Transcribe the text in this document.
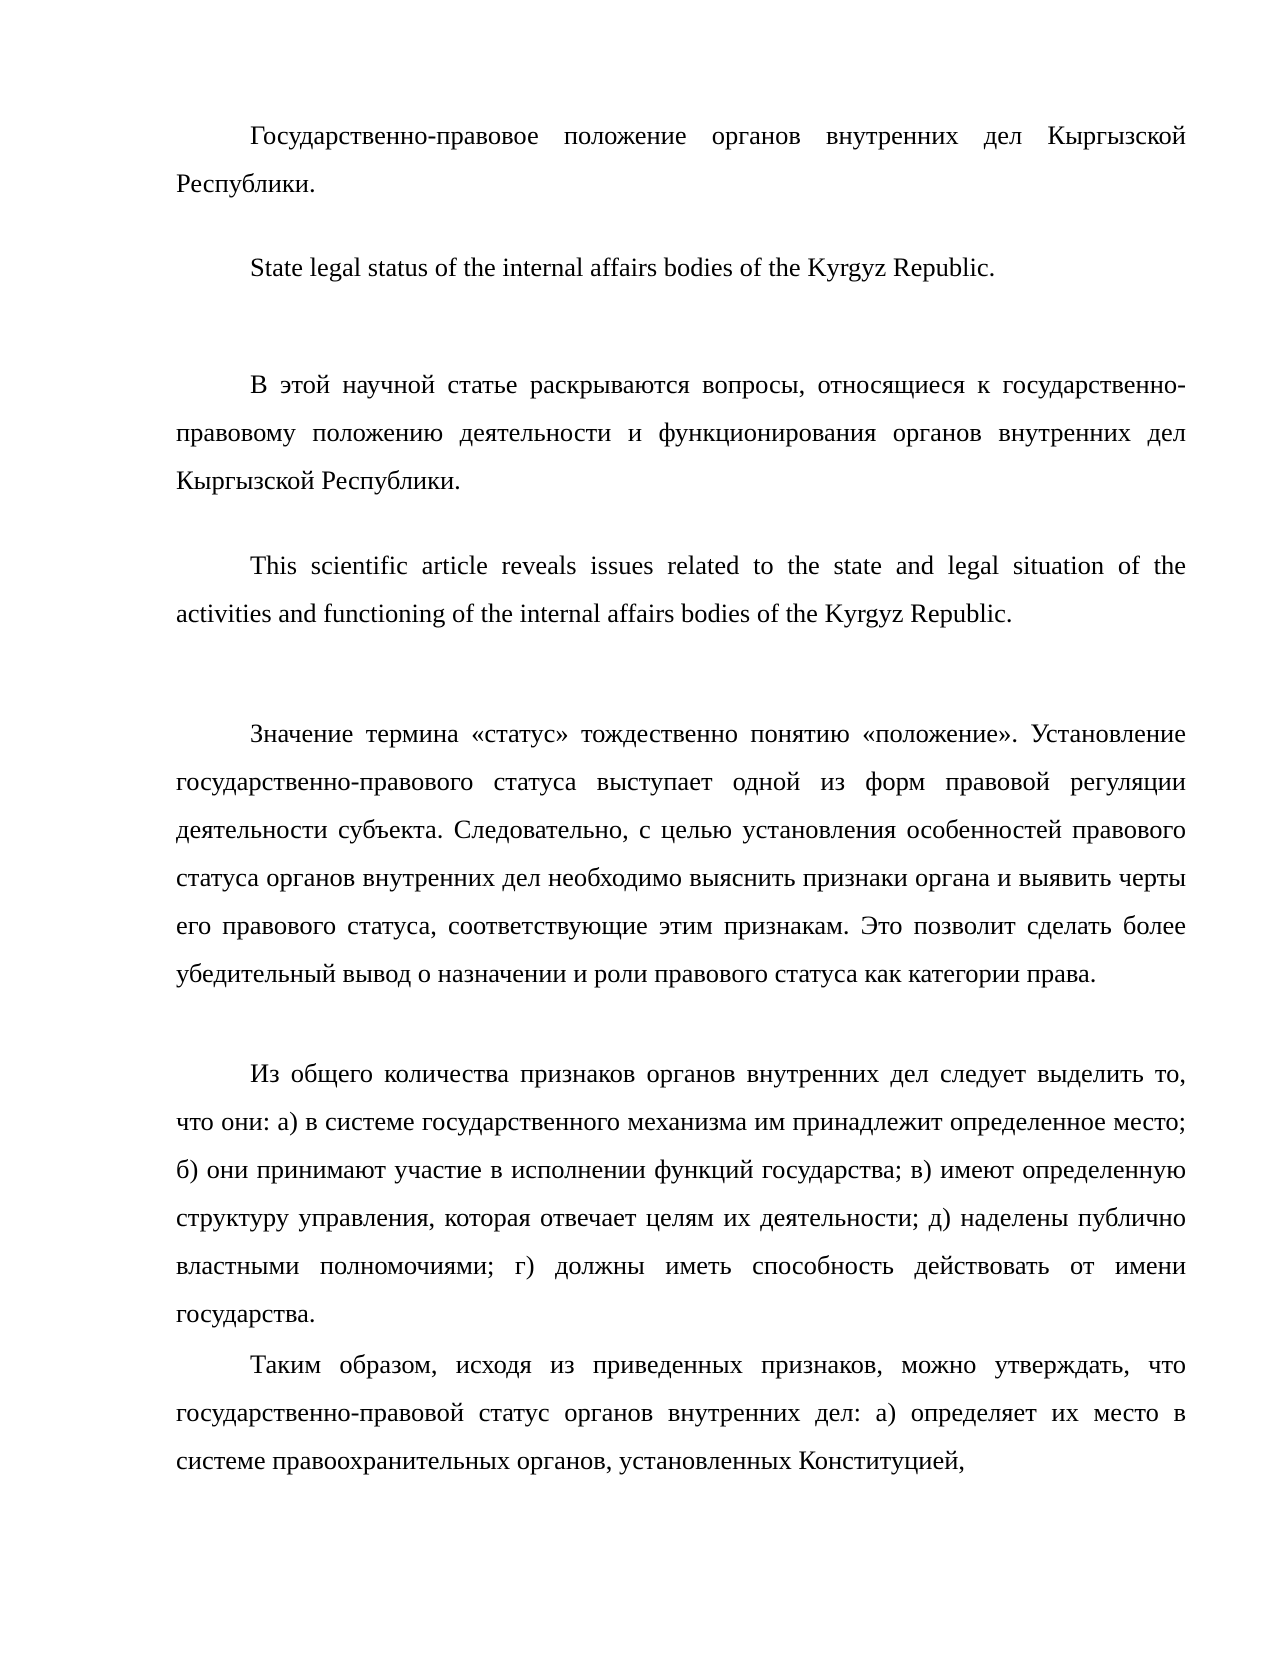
Государственно-правовое положение органов внутренних дел Кыргызской Республики.

State legal status of the internal affairs bodies of the Kyrgyz Republic.

В этой научной статье раскрываются вопросы, относящиеся к государственно-правовому положению деятельности и функционирования органов внутренних дел Кыргызской Республики.

This scientific article reveals issues related to the state and legal situation of the activities and functioning of the internal affairs bodies of the Kyrgyz Republic.

Значение термина «статус» тождественно понятию «положение». Установление государственно-правового статуса выступает одной из форм правовой регуляции деятельности субъекта. Следовательно, с целью установления особенностей правового статуса органов внутренних дел необходимо выяснить признаки органа и выявить черты его правового статуса, соответствующие этим признакам. Это позволит сделать более убедительный вывод о назначении и роли правового статуса как категории права.

Из общего количества признаков органов внутренних дел следует выделить то, что они: а) в системе государственного механизма им принадлежит определенное место; б) они принимают участие в исполнении функций государства; в) имеют определенную структуру управления, которая отвечает целям их деятельности; д) наделены публично властными полномочиями; г) должны иметь способность действовать от имени государства.

Таким образом, исходя из приведенных признаков, можно утверждать, что государственно-правовой статус органов внутренних дел: а) определяет их место в системе правоохранительных органов, установленных Конституцией,
